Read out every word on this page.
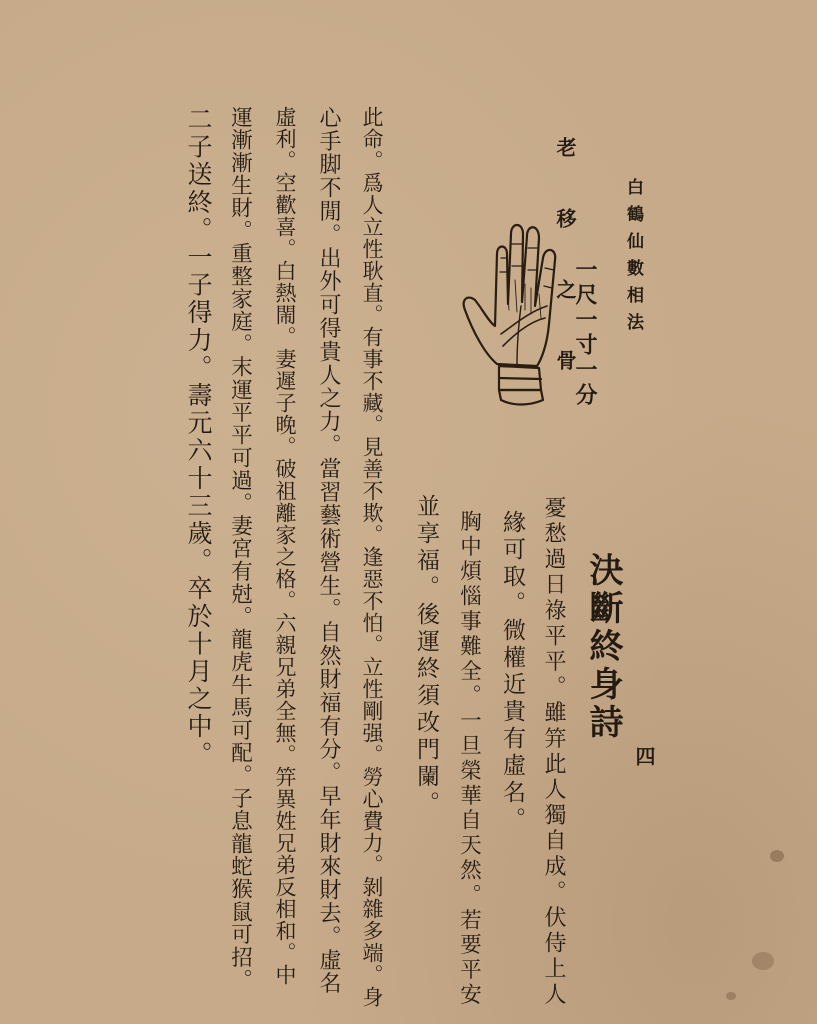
白鶴仙數相法
四
老 移 之 骨
一尺一寸一分
決斷終身詩
憂愁過日祿平平。雖笄此人獨自成。伏侍上人
緣可取。微權近貴有虛名。
胸中煩惱事難全。一旦榮華自天然。若要平安
並享福。後運終須改門闌。
此命。爲人立性耿直。有事不藏。見善不欺。逢惡不怕。立性剛强。勞心費力。剝雜多端。身
心手脚不閒。出外可得貴人之力。當習藝術營生。自然財福有分。早年財來財去。虛名
虛利。空歡喜。白熱閙。妻遲子晚。破祖離家之格。六親兄弟全無。笄異姓兄弟反相和。中
運漸漸生財。重整家庭。末運平平可過。妻宮有尅。龍虎牛馬可配。子息龍蛇猴鼠可招。
二子送終。一子得力。壽元六十三歲。卒於十月之中。
